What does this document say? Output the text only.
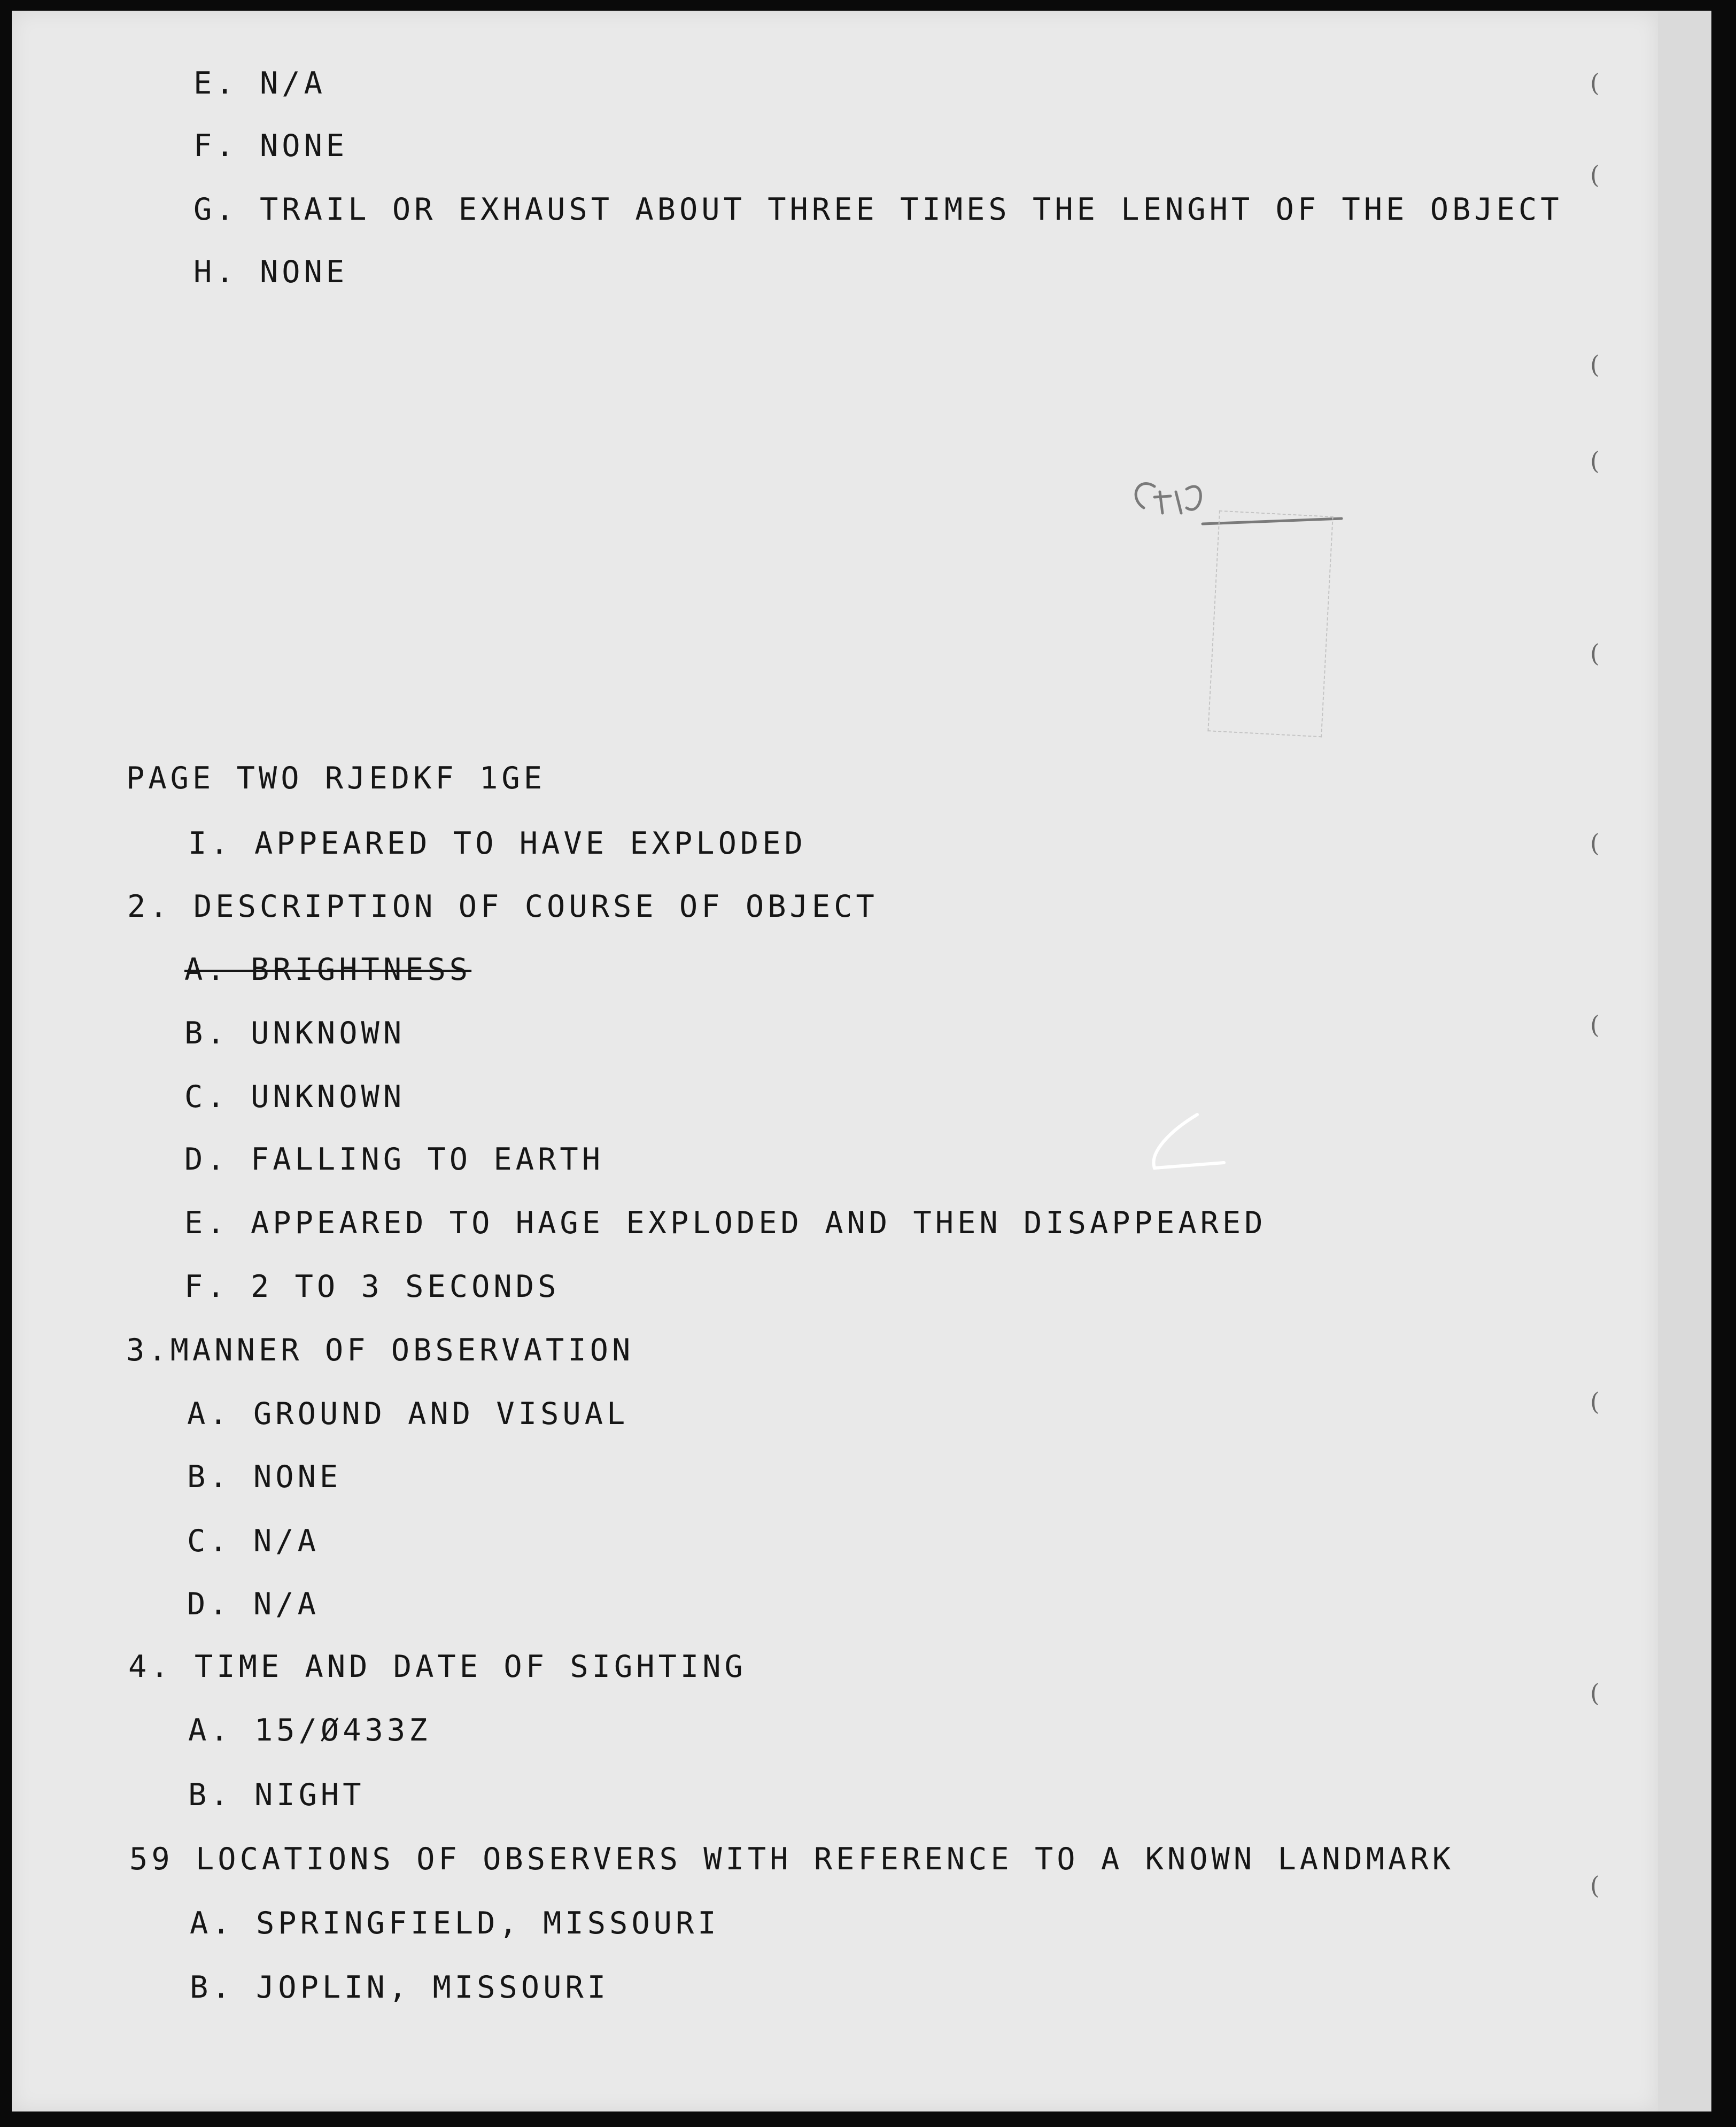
E. N/A
F. NONE
G. TRAIL OR EXHAUST ABOUT THREE TIMES THE LENGHT OF THE OBJECT
H. NONE
PAGE TWO RJEDKF 1GE
I. APPEARED TO HAVE EXPLODED
2. DESCRIPTION OF COURSE OF OBJECT
A. BRIGHTNESS
B. UNKNOWN
C. UNKNOWN
D. FALLING TO EARTH
E. APPEARED TO HAGE EXPLODED AND THEN DISAPPEARED
F. 2 TO 3 SECONDS
3.MANNER OF OBSERVATION
A. GROUND AND VISUAL
B. NONE
C. N/A
D. N/A
4. TIME AND DATE OF SIGHTING
A. 15/Ø433Z
B. NIGHT
59 LOCATIONS OF OBSERVERS WITH REFERENCE TO A KNOWN LANDMARK
A. SPRINGFIELD, MISSOURI
B. JOPLIN, MISSOURI
(
(
(
(
(
(
(
(
(
(
